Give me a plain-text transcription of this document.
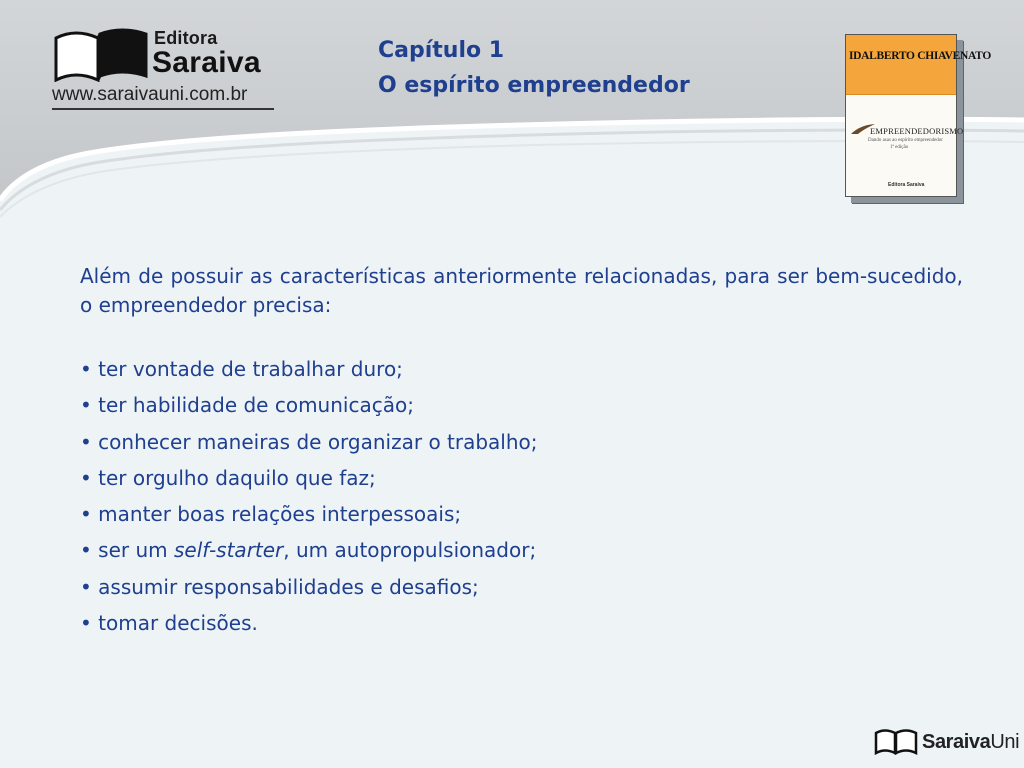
Editora
Saraiva
www.saraivauni.com.br
Capítulo 1
O espírito empreendedor
IDALBERTO CHIAVENATO
EMPREENDEDORISMO
Dando asas ao espírito empreendedor
1ª edição
Editora Saraiva

Além de possuir as características anteriormente relacionadas, para ser bem-sucedido, o empreendedor precisa:

• ter vontade de trabalhar duro;
• ter habilidade de comunicação;
• conhecer maneiras de organizar o trabalho;
• ter orgulho daquilo que faz;
• manter boas relações interpessoais;
• ser um self-starter, um autopropulsionador;
• assumir responsabilidades e desafios;
• tomar decisões.
SaraivaUni
